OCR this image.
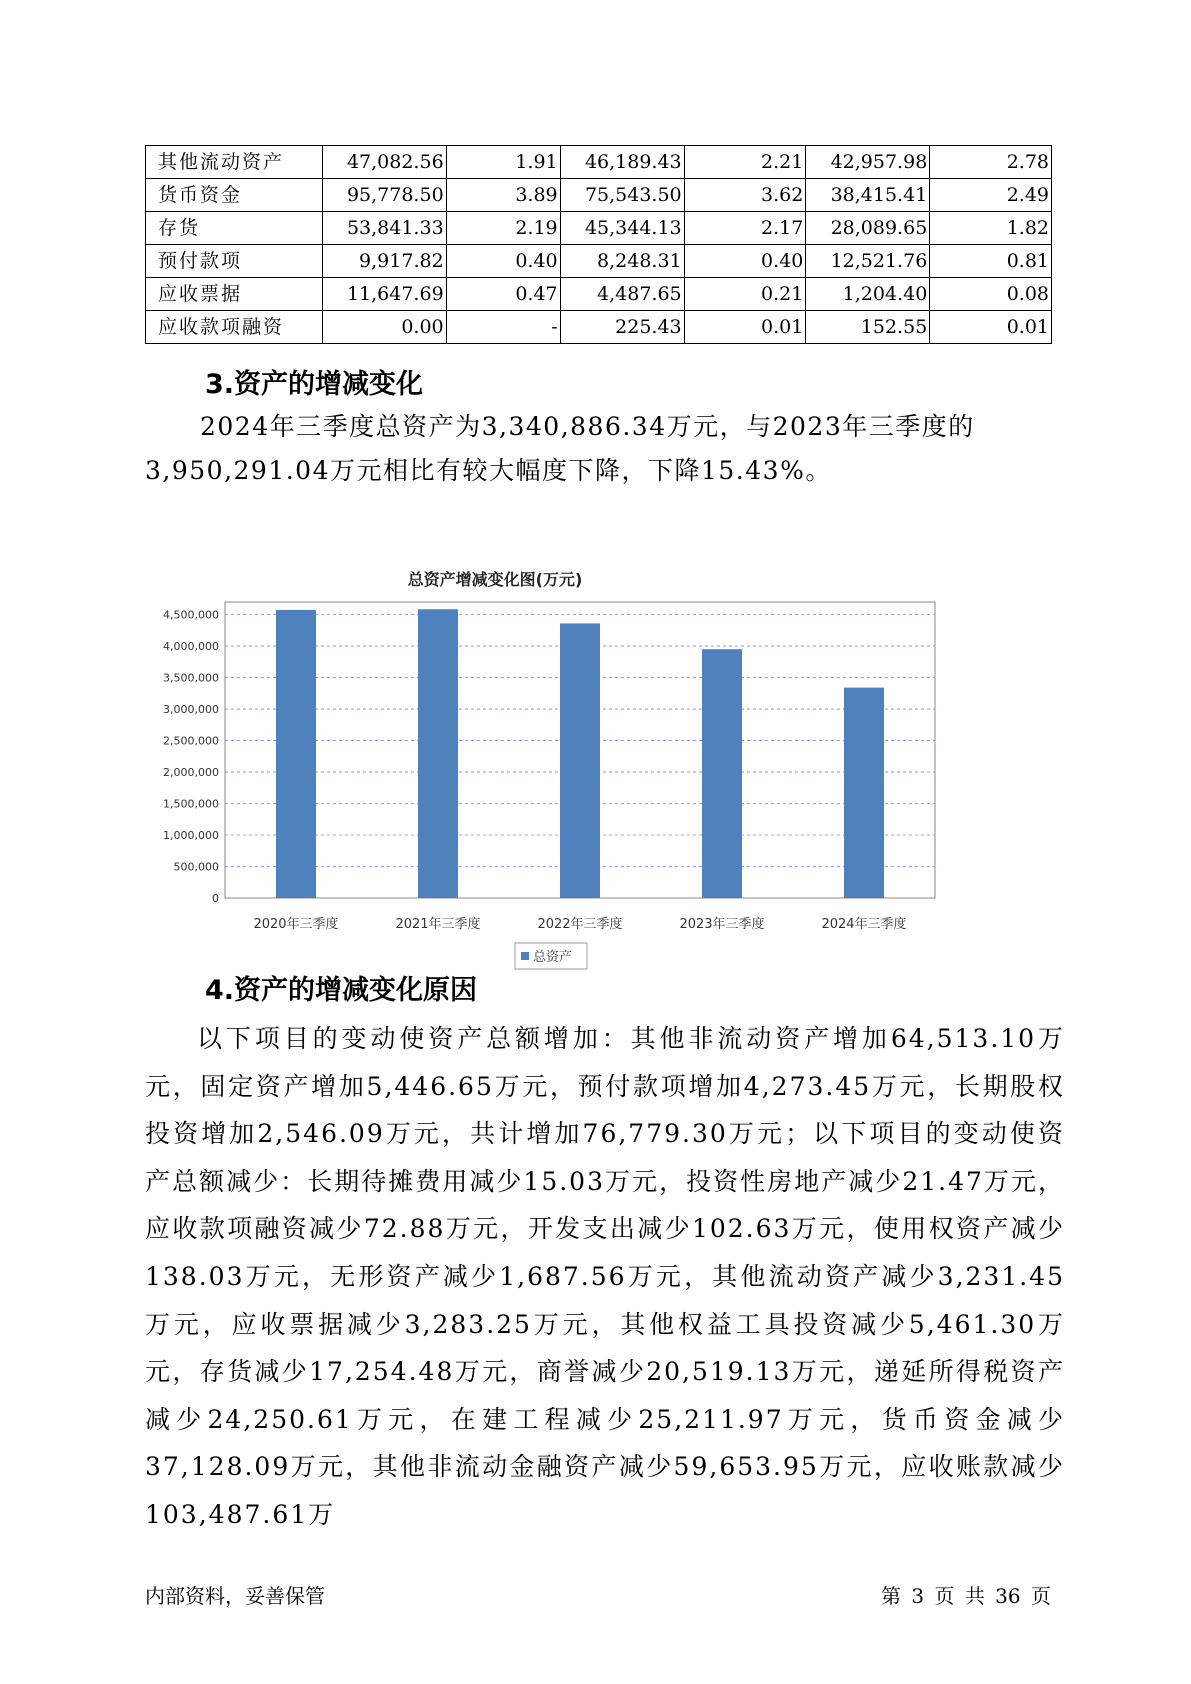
其他流动资产	47,082.56	1.91	46,189.43	2.21	42,957.98	2.78
货币资金	95,778.50	3.89	75,543.50	3.62	38,415.41	2.49
存货	53,841.33	2.19	45,344.13	2.17	28,089.65	1.82
预付款项	9,917.82	0.40	8,248.31	0.40	12,521.76	0.81
应收票据	11,647.69	0.47	4,487.65	0.21	1,204.40	0.08
应收款项融资	0.00	-	225.43	0.01	152.55	0.01
3.资产的增减变化

2024年三季度总资产为3,340,886.34万元，与2023年三季度的3,950,291.04万元相比有较大幅度下降，下降15.43%。

总资产增减变化图(万元)
0
500,000
1,000,000
1,500,000
2,000,000
2,500,000
3,000,000
3,500,000
4,000,000
4,500,000
2020年三季度	2021年三季度	2022年三季度	2023年三季度	2024年三季度
总资产
4.资产的增减变化原因

以下项目的变动使资产总额增加：其他非流动资产增加64,513.10万元，固定资产增加5,446.65万元，预付款项增加4,273.45万元，长期股权投资增加2,546.09万元，共计增加76,779.30万元；以下项目的变动使资产总额减少：长期待摊费用减少15.03万元，投资性房地产减少21.47万元，应收款项融资减少72.88万元，开发支出减少102.63万元，使用权资产减少138.03万元，无形资产减少1,687.56万元，其他流动资产减少3,231.45万元，应收票据减少3,283.25万元，其他权益工具投资减少5,461.30万元，存货减少17,254.48万元，商誉减少20,519.13万元，递延所得税资产减少24,250.61万元，在建工程减少25,211.97万元，货币资金减少37,128.09万元，其他非流动金融资产减少59,653.95万元，应收账款减少103,487.61万

内部资料，妥善保管	第 3 页 共 36 页
